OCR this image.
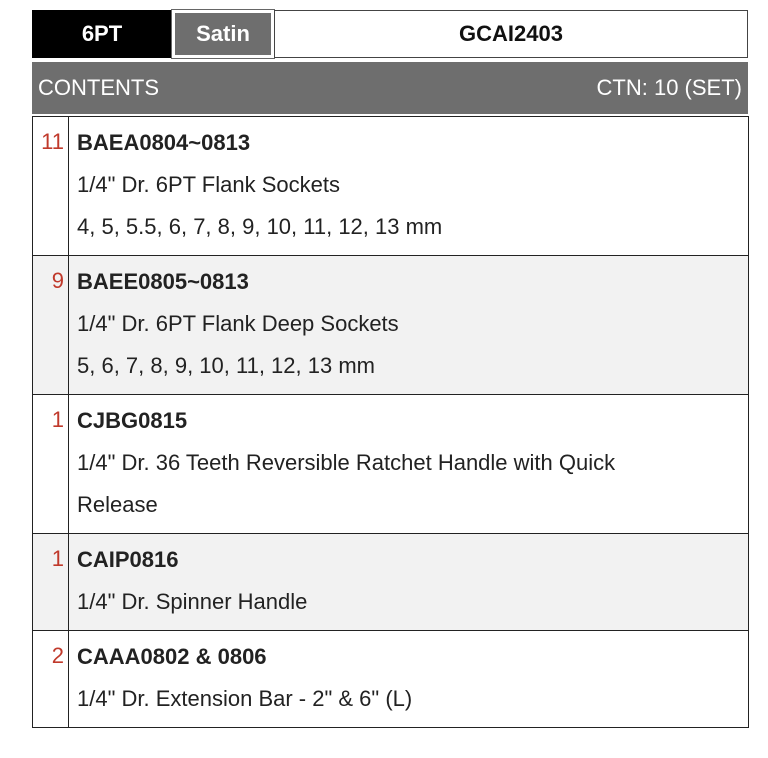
6PT	Satin	GCAI2403
CONTENTS	CTN: 10 (SET)
11 BAEA0804~0813
1/4" Dr. 6PT Flank Sockets
4, 5, 5.5, 6, 7, 8, 9, 10, 11, 12, 13 mm
9 BAEE0805~0813
1/4" Dr. 6PT Flank Deep Sockets
5, 6, 7, 8, 9, 10, 11, 12, 13 mm
1 CJBG0815
1/4" Dr. 36 Teeth Reversible Ratchet Handle with Quick
Release
1 CAIP0816
1/4" Dr. Spinner Handle
2 CAAA0802 & 0806
1/4" Dr. Extension Bar - 2" & 6" (L)
